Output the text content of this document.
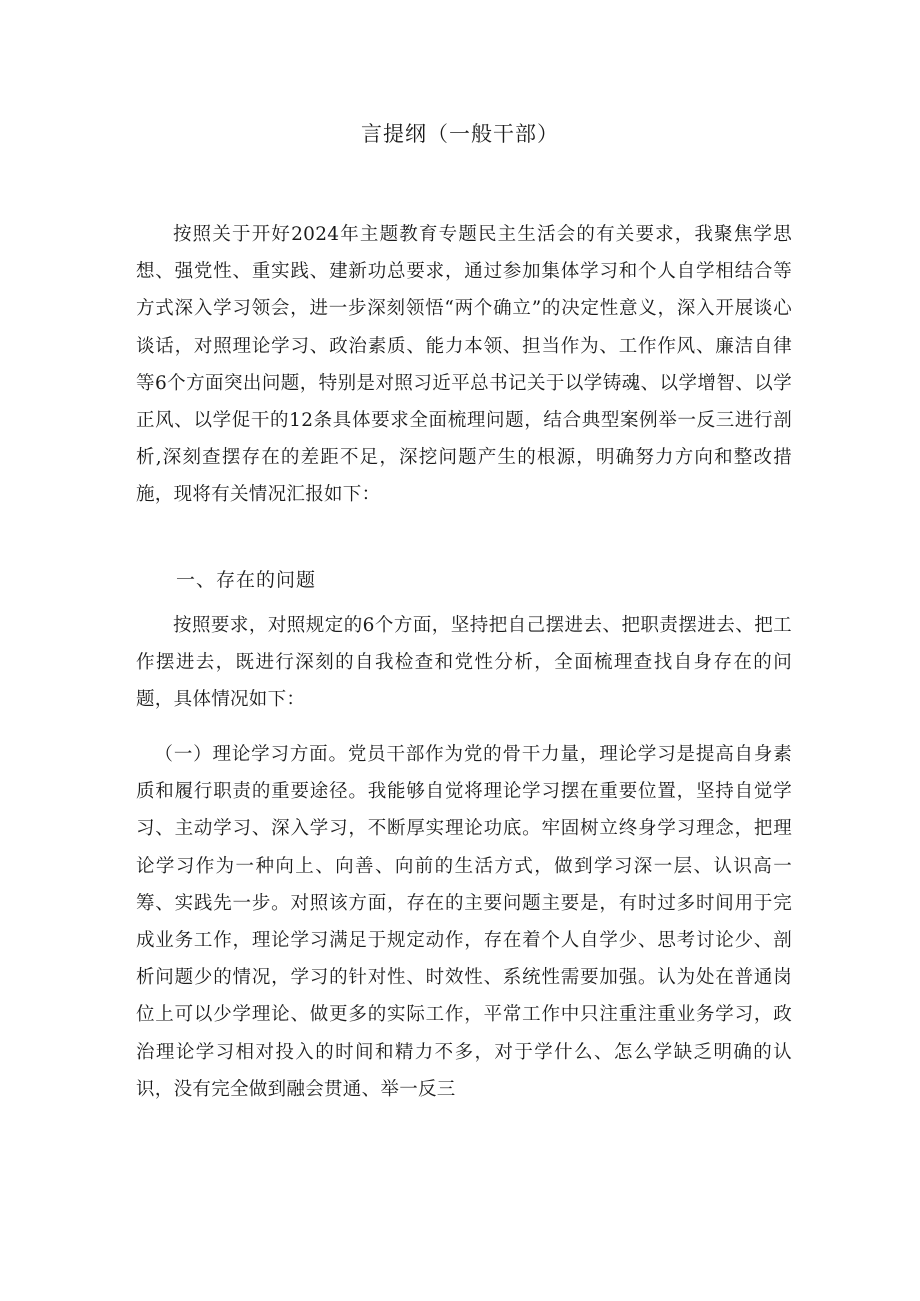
言提纲（一般干部）

按照关于开好2024年主题教育专题民主生活会的有关要求，我聚焦学思想、强党性、重实践、建新功总要求，通过参加集体学习和个人自学相结合等方式深入学习领会，进一步深刻领悟“两个确立”的决定性意义，深入开展谈心谈话，对照理论学习、政治素质、能力本领、担当作为、工作作风、廉洁自律等6个方面突出问题，特别是对照习近平总书记关于以学铸魂、以学增智、以学正风、以学促干的12条具体要求全面梳理问题，结合典型案例举一反三进行剖析,深刻查摆存在的差距不足，深挖问题产生的根源，明确努力方向和整改措施，现将有关情况汇报如下：

一、存在的问题

按照要求，对照规定的6个方面，坚持把自己摆进去、把职责摆进去、把工作摆进去，既进行深刻的自我检查和党性分析，全面梳理查找自身存在的问题，具体情况如下：

（一）理论学习方面。党员干部作为党的骨干力量，理论学习是提高自身素质和履行职责的重要途径。我能够自觉将理论学习摆在重要位置，坚持自觉学习、主动学习、深入学习，不断厚实理论功底。牢固树立终身学习理念，把理论学习作为一种向上、向善、向前的生活方式，做到学习深一层、认识高一筹、实践先一步。对照该方面，存在的主要问题主要是，有时过多时间用于完成业务工作，理论学习满足于规定动作，存在着个人自学少、思考讨论少、剖析问题少的情况，学习的针对性、时效性、系统性需要加强。认为处在普通岗位上可以少学理论、做更多的实际工作，平常工作中只注重注重业务学习，政治理论学习相对投入的时间和精力不多，对于学什么、怎么学缺乏明确的认识，没有完全做到融会贯通、举一反三
